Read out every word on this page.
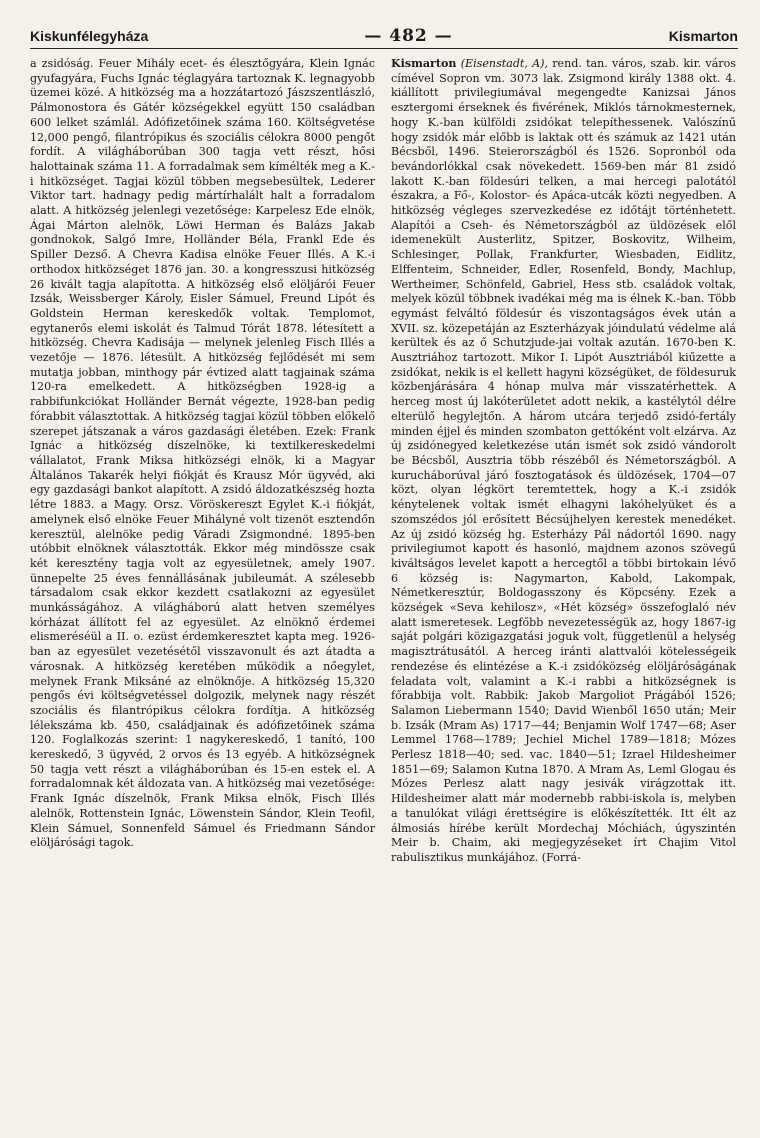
Kiskunfélegyháza	— 482 —	Kismarton

a zsidóság. Feuer Mihály ecet- és élesztőgyára, Klein Ignác gyufagyára, Fuchs Ignác téglagyára tartoznak K. legnagyobb üzemei közé. A hitközség ma a hozzátartozó Jászszentlászló, Pálmonostora és Gátér községekkel együtt 150 családban 600 lelket számlál. Adófizetőinek száma 160. Költségvetése 12,000 pengő, filantrópikus és szociális célokra 8000 pengőt fordít. A világháborúban 300 tagja vett részt, hősi halottainak száma 11. A forradalmak sem kímélték meg a K.-i hitközséget. Tagjai közül többen megsebesültek, Lederer Viktor tart. hadnagy pedig mártírhalált halt a forradalom alatt. A hitközség jelenlegi vezetősége: Karpelesz Ede elnök, Ágai Márton alelnök, Löwi Herman és Balázs Jakab gondnokok, Salgó Imre, Holländer Béla, Frankl Ede és Spiller Dezső. A Chevra Kadisa elnöke Feuer Illés. A K.-i orthodox hitközséget 1876 jan. 30. a kongresszusi hitközség 26 kivált tagja alapította. A hitközség első elöljárói Feuer Izsák, Weissberger Károly, Eisler Sámuel, Freund Lipót és Goldstein Herman kereskedők voltak. Templomot, egytanerős elemi iskolát és Talmud Tórát 1878. létesített a hitközség. Chevra Kadisája — melynek jelenleg Fisch Illés a vezetője — 1876. létesült. A hitközség fejlődését mi sem mutatja jobban, minthogy pár évtized alatt tagjainak száma 120-ra emelkedett. A hitközségben 1928-ig a rabbifunkciókat Holländer Bernát végezte, 1928-ban pedig fórabbit választottak. A hitközség tagjai közül többen előkelő szerepet játszanak a város gazdasági életében. Ezek: Frank Ignác a hitközség díszelnöke, ki textilkereskedelmi vállalatot, Frank Miksa hitközségi elnök, ki a Magyar Általános Takarék helyi fiókját és Krausz Mór ügyvéd, aki egy gazdasági bankot alapított. A zsidó áldozatkészség hozta létre 1883. a Magy. Orsz. Vöröskereszt Egylet K.-i fiókját, amelynek első elnöke Feuer Mihályné volt tizenöt esztendőn keresztül, alelnöke pedig Váradi Zsigmondné. 1895-ben utóbbit elnöknek választották. Ekkor még mindössze csak két keresztény tagja volt az egyesületnek, amely 1907. ünnepelte 25 éves fennállásának jubileumát. A szélesebb társadalom csak ekkor kezdett csatlakozni az egyesület munkásságához. A világháború alatt hetven személyes kórházat állított fel az egyesület. Az elnöknő érdemei elismeréséül a II. o. ezüst érdemkeresztet kapta meg. 1926-ban az egyesület vezetésétől visszavonult és azt átadta a városnak. A hitközség keretében működik a nőegylet, melynek Frank Miksáné az elnöknője. A hitközség 15,320 pengős évi költségvetéssel dolgozik, melynek nagy részét szociális és filantrópikus célokra fordítja. A hitközség lélekszáma kb. 450, családjainak és adófizetőinek száma 120. Foglalkozás szerint: 1 nagykereskedő, 1 tanító, 100 kereskedő, 3 ügyvéd, 2 orvos és 13 egyéb. A hitközségnek 50 tagja vett részt a világháborúban és 15-en estek el. A forradalomnak két áldozata van. A hitközség mai vezetősége: Frank Ignác díszelnök, Frank Miksa elnök, Fisch Illés alelnök, Rottenstein Ignác, Löwenstein Sándor, Klein Teofil, Klein Sámuel, Sonnenfeld Sámuel és Friedmann Sándor elöljárósági tagok.

Kismarton (Eisenstadt, A), rend. tan. város, szab. kir. város címével Sopron vm. 3073 lak. Zsigmond király 1388 okt. 4. kiállított privilegiumával megengedte Kanizsai János esztergomi érseknek és fivérének, Miklós tárnokmesternek, hogy K.-ban külföldi zsidókat telepíthessenek. Valószínű hogy zsidók már előbb is laktak ott és számuk az 1421 után Bécsből, 1496. Steierországból és 1526. Sopronból oda bevándorlókkal csak növekedett. 1569-ben már 81 zsidó lakott K.-ban földesúri telken, a mai hercegi palotától északra, a Fő-, Kolostor- és Apáca-utcák közti negyedben. A hitközség végleges szervezkedése ez időtájt történhetett. Alapítói a Cseh- és Németországból az üldözések elől idemenekült Austerlitz, Spitzer, Boskovitz, Wilheim, Schlesinger, Pollak, Frankfurter, Wiesbaden, Eidlitz, Elffenteim, Schneider, Edler, Rosenfeld, Bondy, Machlup, Wertheimer, Schönfeld, Gabriel, Hess stb. családok voltak, melyek közül többnek ivadékai még ma is élnek K.-ban. Több egymást felváltó földesúr és viszontagságos évek után a XVII. sz. közepetáján az Eszterházyak jóindulatú védelme alá kerültek és az ő Schutzjude-jai voltak azután. 1670-ben K. Ausztriához tartozott. Mikor I. Lipót Ausztriából kiűzette a zsidókat, nekik is el kellett hagyni községüket, de földesuruk közbenjárására 4 hónap mulva már visszatérhettek. A herceg most új lakóterületet adott nekik, a kastélytól délre elterülő hegylejtőn. A három utcára terjedő zsidó-fertály minden éjjel és minden szombaton gettóként volt elzárva. Az új zsidónegyed keletkezése után ismét sok zsidó vándorolt be Bécsből, Ausztria több részéből és Németországból. A kurucháborúval járó fosztogatások és üldözések, 1704—07 közt, olyan légkört teremtettek, hogy a K.-i zsidók kénytelenek voltak ismét elhagyni lakóhelyüket és a szomszédos jól erősített Bécsújhelyen kerestek menedéket. Az új zsidó község hg. Esterházy Pál nádortól 1690. nagy privilegiumot kapott és hasonló, majdnem azonos szövegű kiváltságos levelet kapott a hercegtől a többi birtokain lévő 6 község is: Nagymarton, Kabold, Lakompak, Németkeresztúr, Boldogasszony és Köpcsény. Ezek a községek «Seva kehilosz», «Hét község» összefoglaló név alatt ismeretesek. Legfőbb nevezetességük az, hogy 1867-ig saját polgári közigazgatási joguk volt, függetlenül a helység magisztrátusától. A herceg iránti alattvalói kötelességeik rendezése és elintézése a K.-i zsidóközség elöljáróságának feladata volt, valamint a K.-i rabbi a hitközségnek is főrabbija volt. Rabbik: Jakob Margoliot Prágából 1526; Salamon Liebermann 1540; David Wienből 1650 után; Meir b. Izsák (Mram As) 1717—44; Benjamin Wolf 1747—68; Aser Lemmel 1768—1789; Jechiel Michel 1789—1818; Mózes Perlesz 1818—40; sed. vac. 1840—51; Izrael Hildesheimer 1851—69; Salamon Kutna 1870. A Mram As, Leml Glogau és Mózes Perlesz alatt nagy jesivák virágzottak itt. Hildesheimer alatt már modernebb rabbi-iskola is, melyben a tanulókat világi érettségire is előkészítették. Itt élt az álmosiás hírébe került Mordechaj Móchiách, úgyszintén Meir b. Chaim, aki megjegyzéseket írt Chajim Vitol rabulisztikus munkájához. (Forrá-
